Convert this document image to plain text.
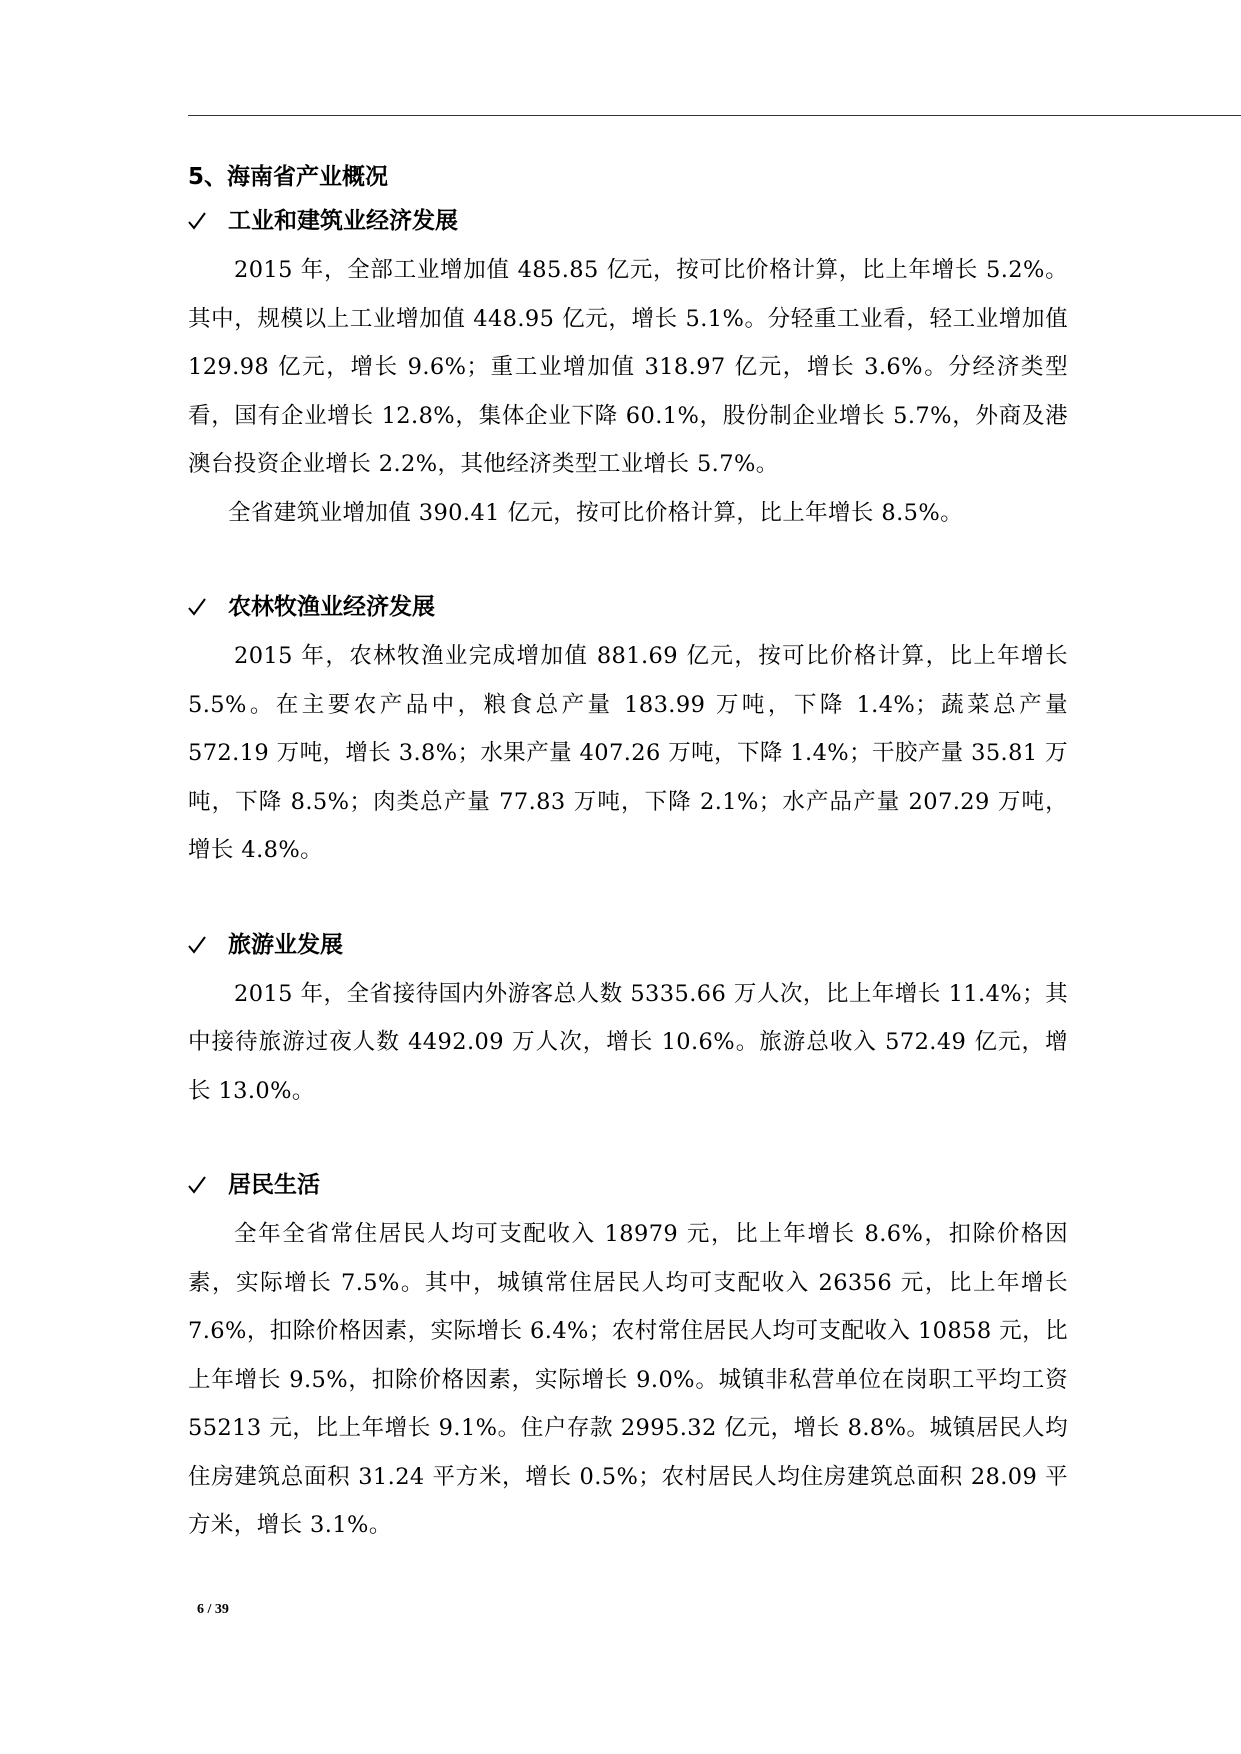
5、海南省产业概况
工业和建筑业经济发展

2015 年，全部工业增加值 485.85 亿元，按可比价格计算，比上年增长 5.2%。其中，规模以上工业增加值 448.95 亿元，增长 5.1%。分轻重工业看，轻工业增加值 129.98 亿元，增长 9.6%；重工业增加值 318.97 亿元，增长 3.6%。分经济类型看，国有企业增长 12.8%，集体企业下降 60.1%，股份制企业增长 5.7%，外商及港澳台投资企业增长 2.2%，其他经济类型工业增长 5.7%。

全省建筑业增加值 390.41 亿元，按可比价格计算，比上年增长 8.5%。

农林牧渔业经济发展

2015 年，农林牧渔业完成增加值 881.69 亿元，按可比价格计算，比上年增长 5.5%。在主要农产品中，粮食总产量 183.99 万吨，下降 1.4%；蔬菜总产量 572.19 万吨，增长 3.8%；水果产量 407.26 万吨，下降 1.4%；干胶产量 35.81 万吨，下降 8.5%；肉类总产量 77.83 万吨，下降 2.1%；水产品产量 207.29 万吨，增长 4.8%。

旅游业发展

2015 年，全省接待国内外游客总人数 5335.66 万人次，比上年增长 11.4%；其中接待旅游过夜人数 4492.09 万人次，增长 10.6%。旅游总收入 572.49 亿元，增长 13.0%。

居民生活

全年全省常住居民人均可支配收入 18979 元，比上年增长 8.6%，扣除价格因素，实际增长 7.5%。其中，城镇常住居民人均可支配收入 26356 元，比上年增长 7.6%，扣除价格因素，实际增长 6.4%；农村常住居民人均可支配收入 10858 元，比上年增长 9.5%，扣除价格因素，实际增长 9.0%。城镇非私营单位在岗职工平均工资 55213 元，比上年增长 9.1%。住户存款 2995.32 亿元，增长 8.8%。城镇居民人均住房建筑总面积 31.24 平方米，增长 0.5%；农村居民人均住房建筑总面积 28.09 平方米，增长 3.1%。

6 / 39
